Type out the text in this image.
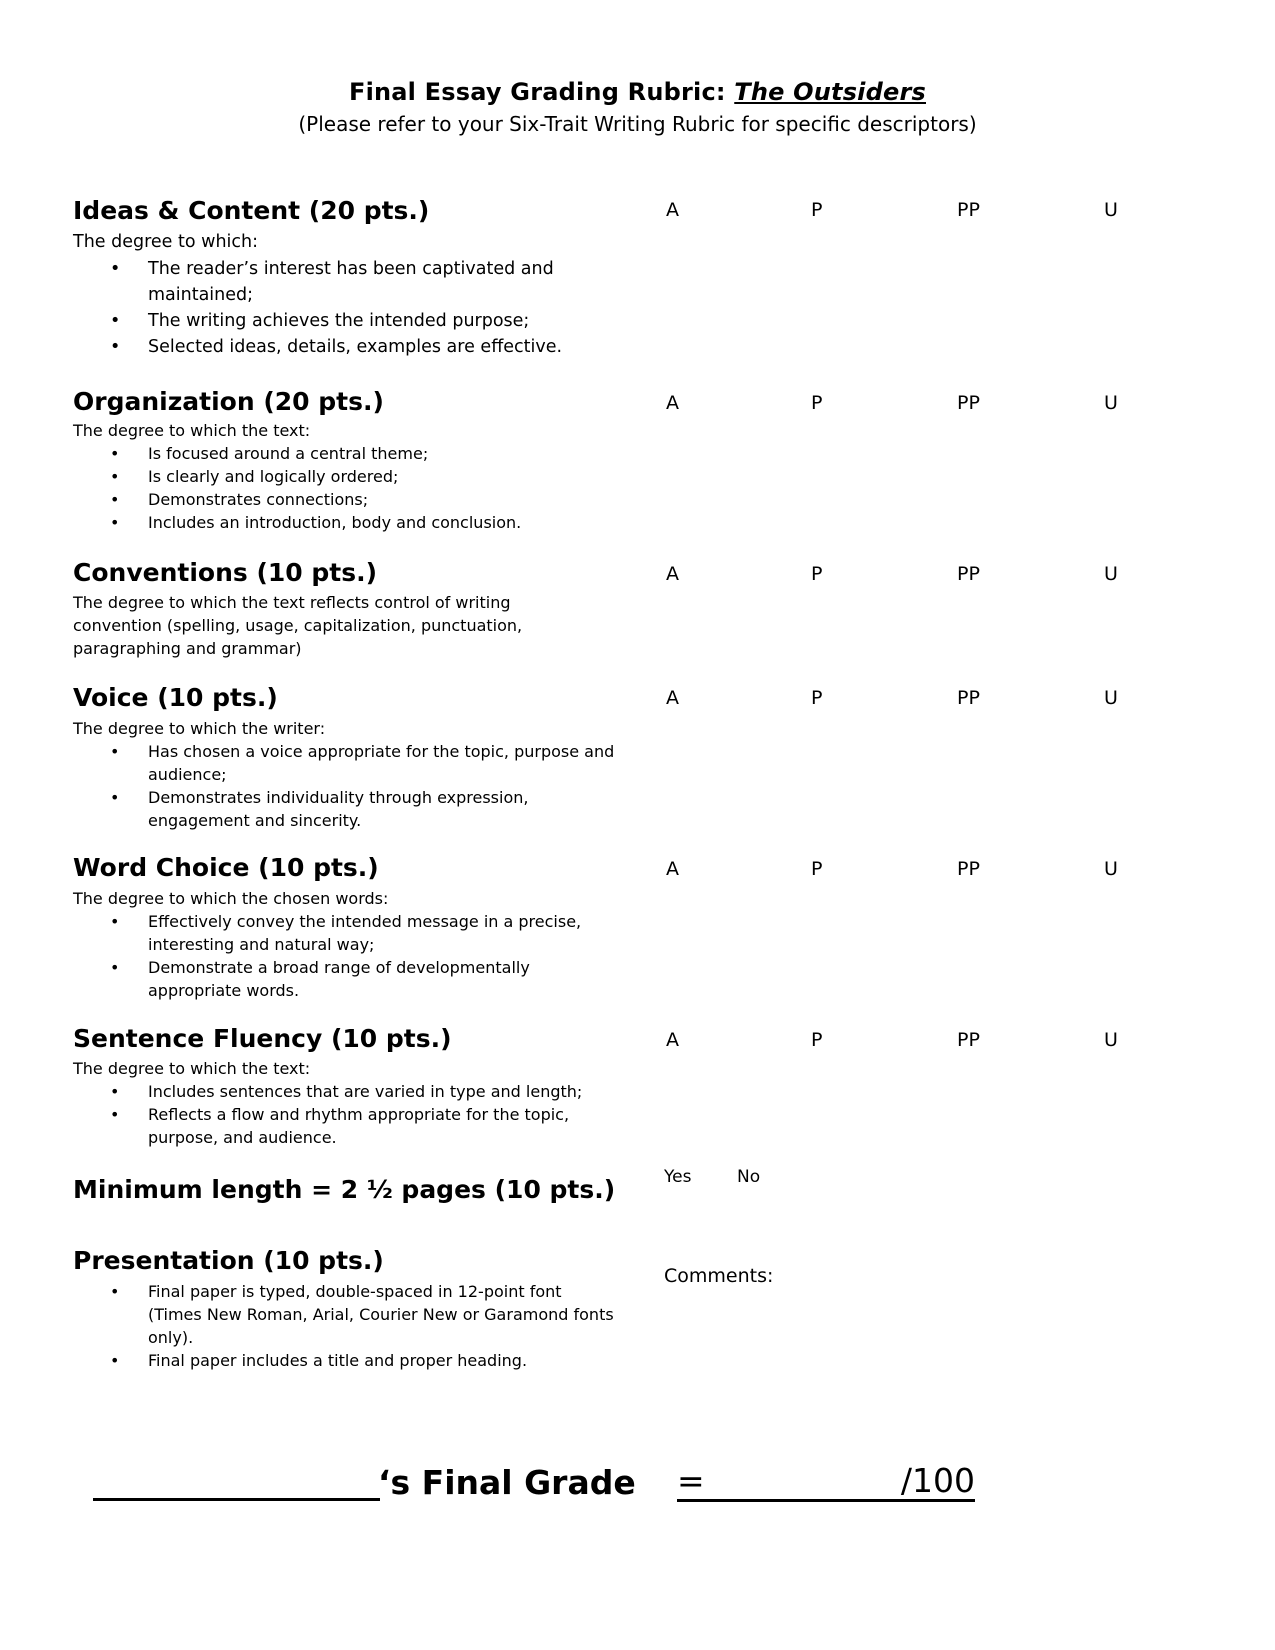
Final Essay Grading Rubric: The Outsiders
(Please refer to your Six-Trait Writing Rubric for specific descriptors)
Ideas & Content (20 pts.)
The degree to which:
• The reader’s interest has been captivated and
maintained;
• The writing achieves the intended purpose;
• Selected ideas, details, examples are effective.
A	P	PP	U
Organization (20 pts.)
The degree to which the text:
• Is focused around a central theme;
• Is clearly and logically ordered;
• Demonstrates connections;
• Includes an introduction, body and conclusion.
A	P	PP	U
Conventions (10 pts.)
The degree to which the text reflects control of writing
convention (spelling, usage, capitalization, punctuation,
paragraphing and grammar)
A	P	PP	U
Voice (10 pts.)
The degree to which the writer:
• Has chosen a voice appropriate for the topic, purpose and
audience;
• Demonstrates individuality through expression,
engagement and sincerity.
A	P	PP	U
Word Choice (10 pts.)
The degree to which the chosen words:
• Effectively convey the intended message in a precise,
interesting and natural way;
• Demonstrate a broad range of developmentally
appropriate words.
A	P	PP	U
Sentence Fluency (10 pts.)
The degree to which the text:
• Includes sentences that are varied in type and length;
• Reflects a flow and rhythm appropriate for the topic,
purpose, and audience.
A	P	PP	U
Minimum length = 2 ½ pages (10 pts.)	Yes	No
Presentation (10 pts.)
• Final paper is typed, double-spaced in 12-point font
(Times New Roman, Arial, Courier New or Garamond fonts
only).
• Final paper includes a title and proper heading.
Comments:
‘s Final Grade =	/100
